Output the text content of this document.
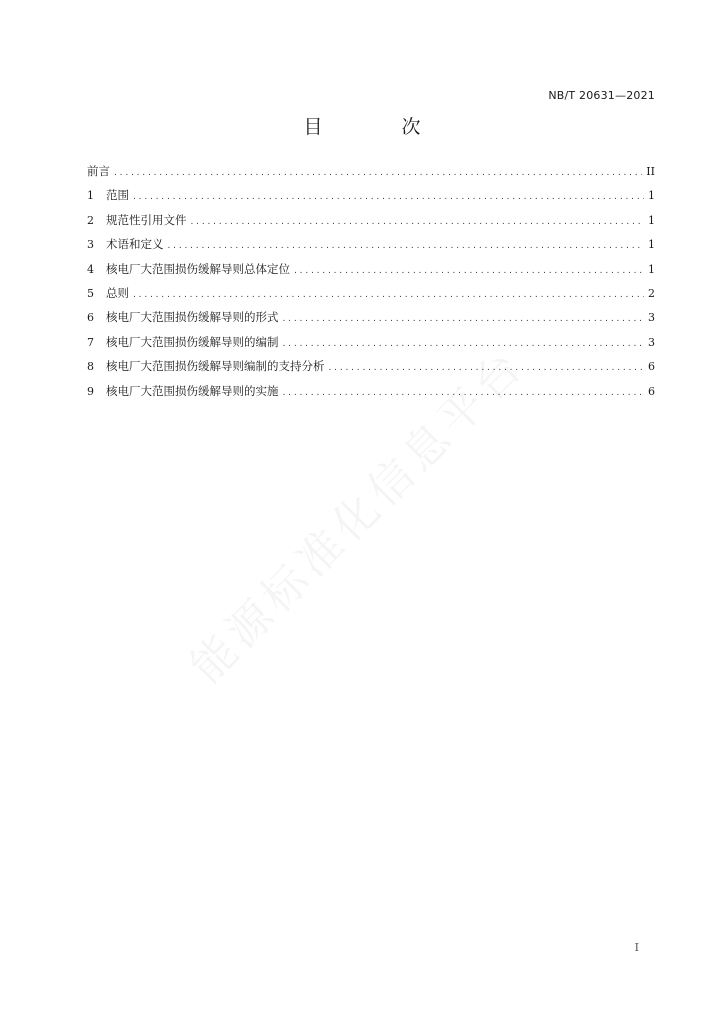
NB/T 20631—2021
目　次
前言 .....	II
1	范围 .....	1
2	规范性引用文件 .....	1
3	术语和定义 .....	1
4	核电厂大范围损伤缓解导则总体定位 .....	1
5	总则 .....	2
6	核电厂大范围损伤缓解导则的形式 .....	3
7	核电厂大范围损伤缓解导则的编制 .....	3
8	核电厂大范围损伤缓解导则编制的支持分析 .....	6
9	核电厂大范围损伤缓解导则的实施 .....	6
I
